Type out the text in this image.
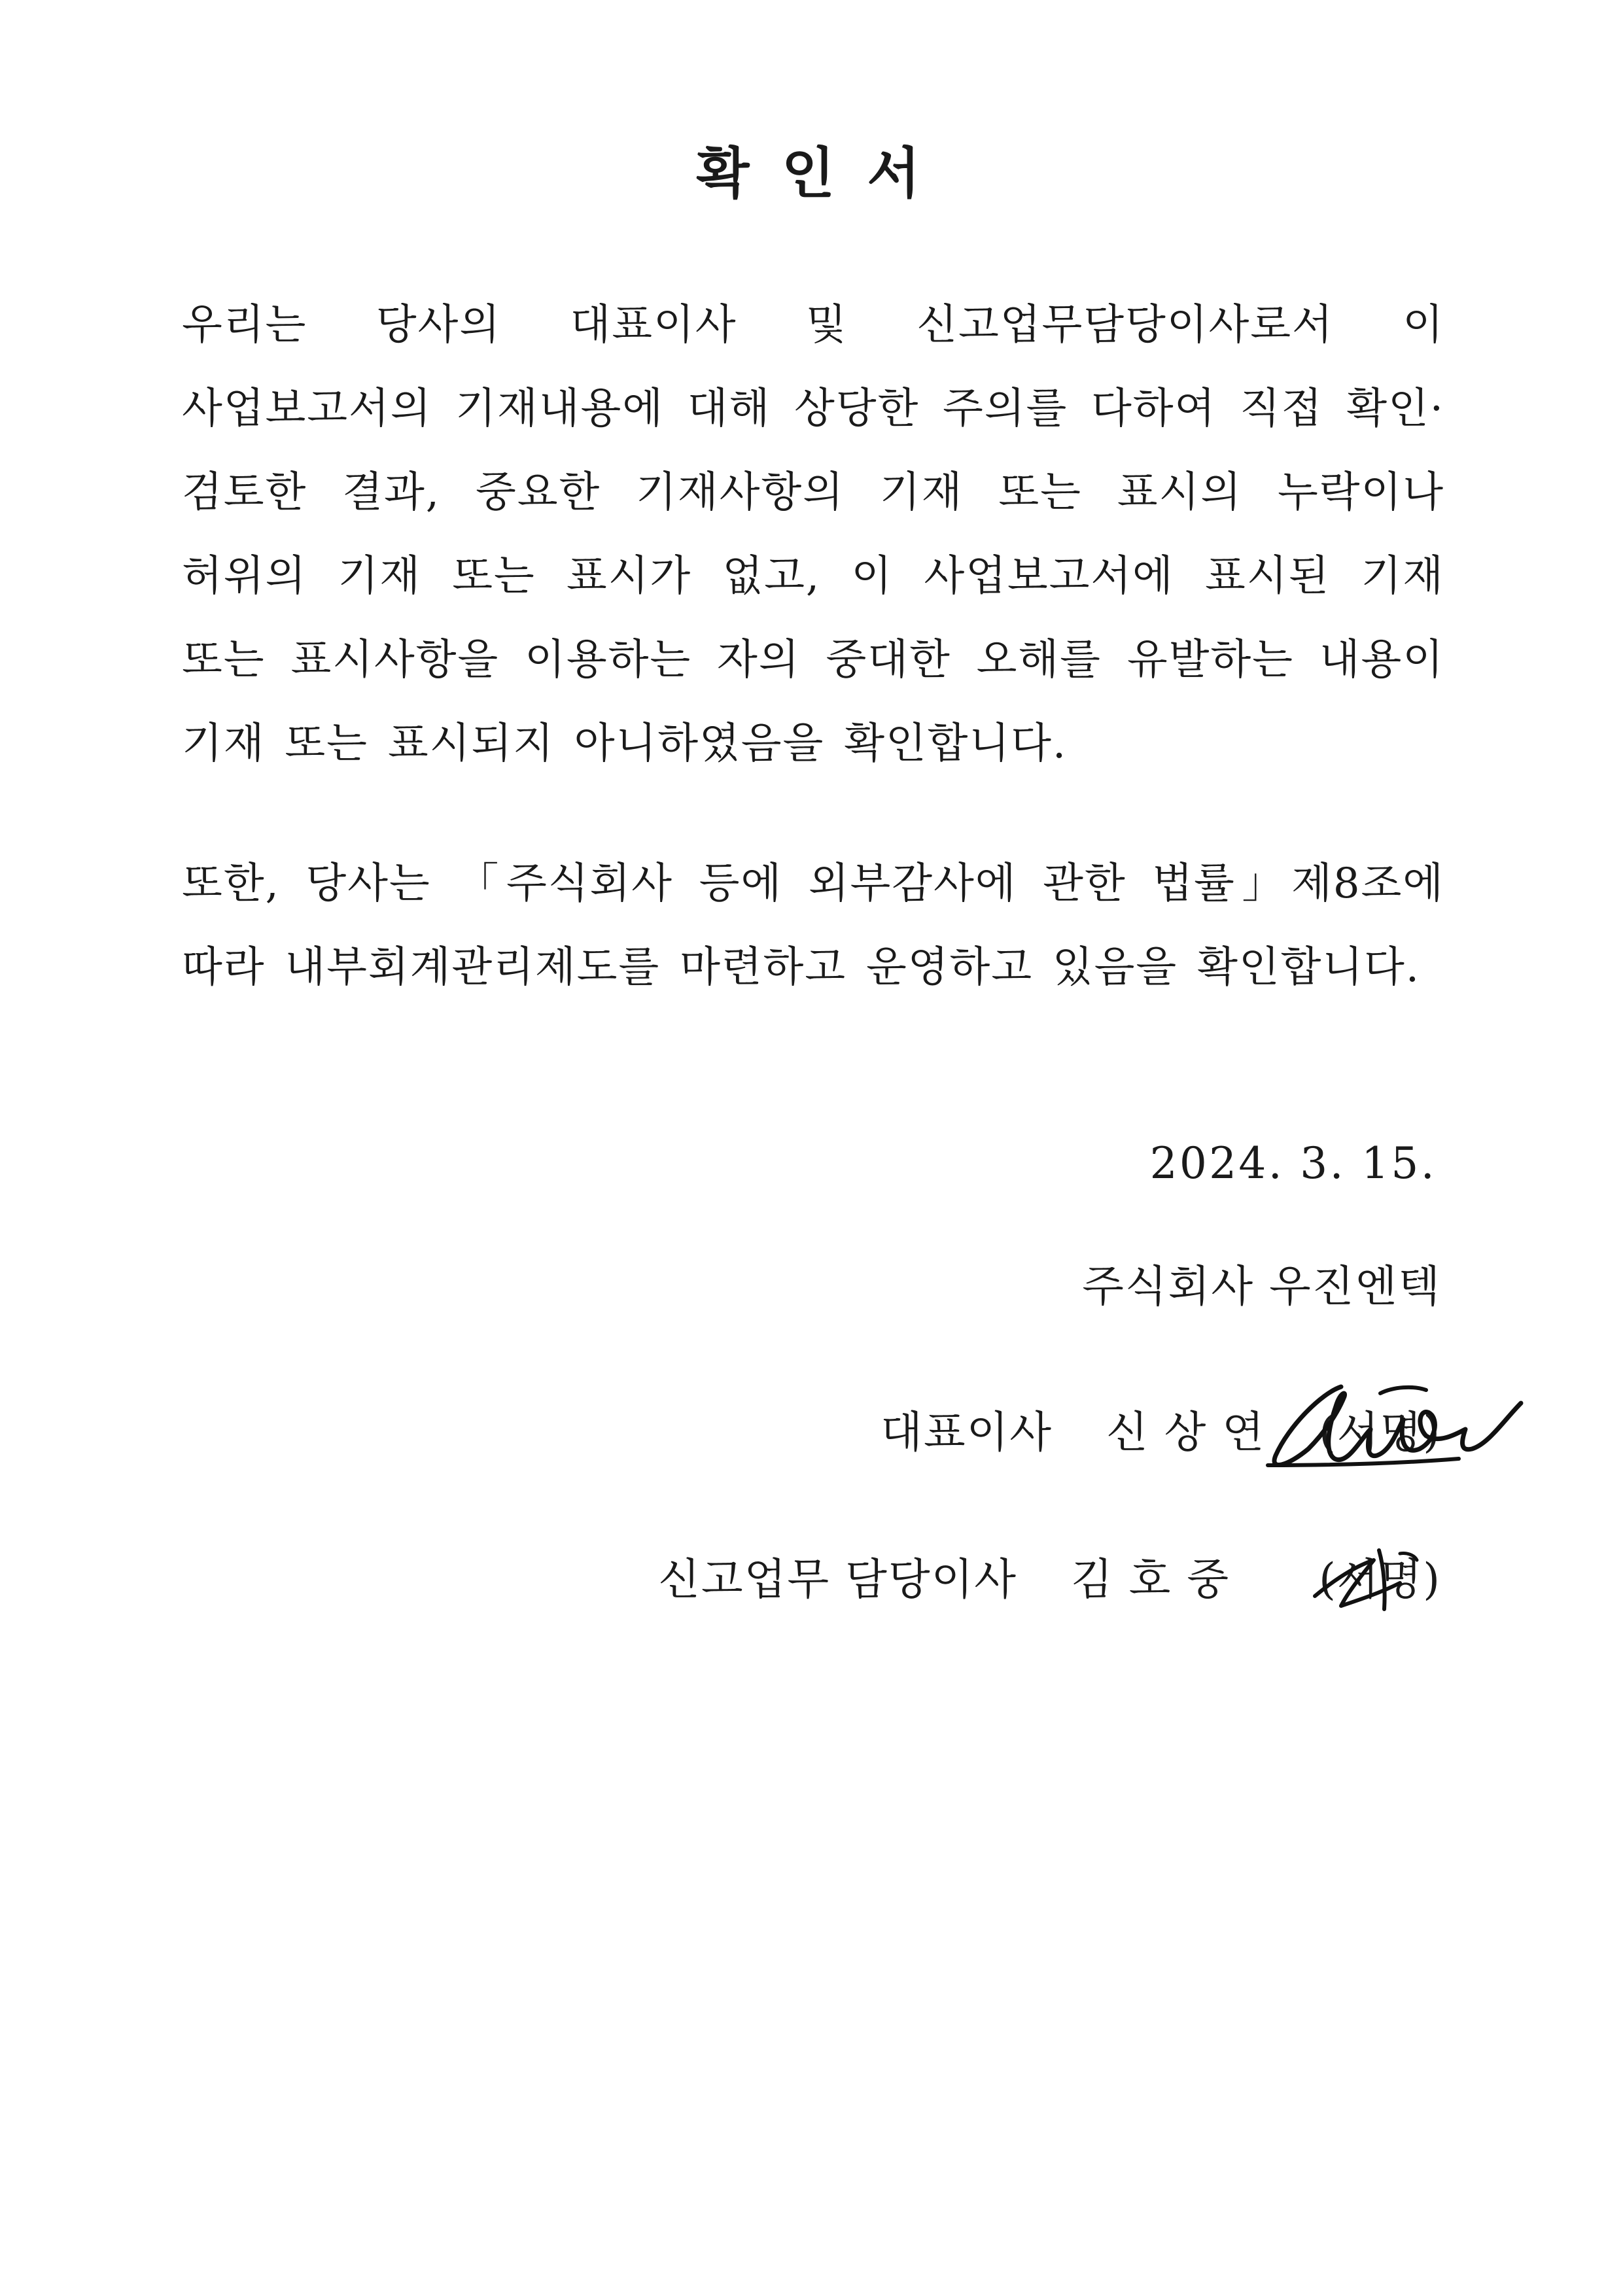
확 인 서

우리는 당사의 대표이사 및 신고업무담당이사로서 이 사업보고서의 기재내용에 대해 상당한 주의를 다하여 직접 확인·검토한 결과, 중요한 기재사항의 기재 또는 표시의 누락이나 허위의 기재 또는 표시가 없고, 이 사업보고서에 표시된 기재 또는 표시사항을 이용하는 자의 중대한 오해를 유발하는 내용이 기재 또는 표시되지 아니하였음을 확인합니다.

또한, 당사는 「주식회사 등에 외부감사에 관한 법률」제8조에 따라 내부회계관리제도를 마련하고 운영하고 있음을 확인합니다.

2024. 3. 15.
주식회사 우진엔텍
대표이사 신 상 연 (서명)
신고업무 담당이사 김 호 중 (서명)
